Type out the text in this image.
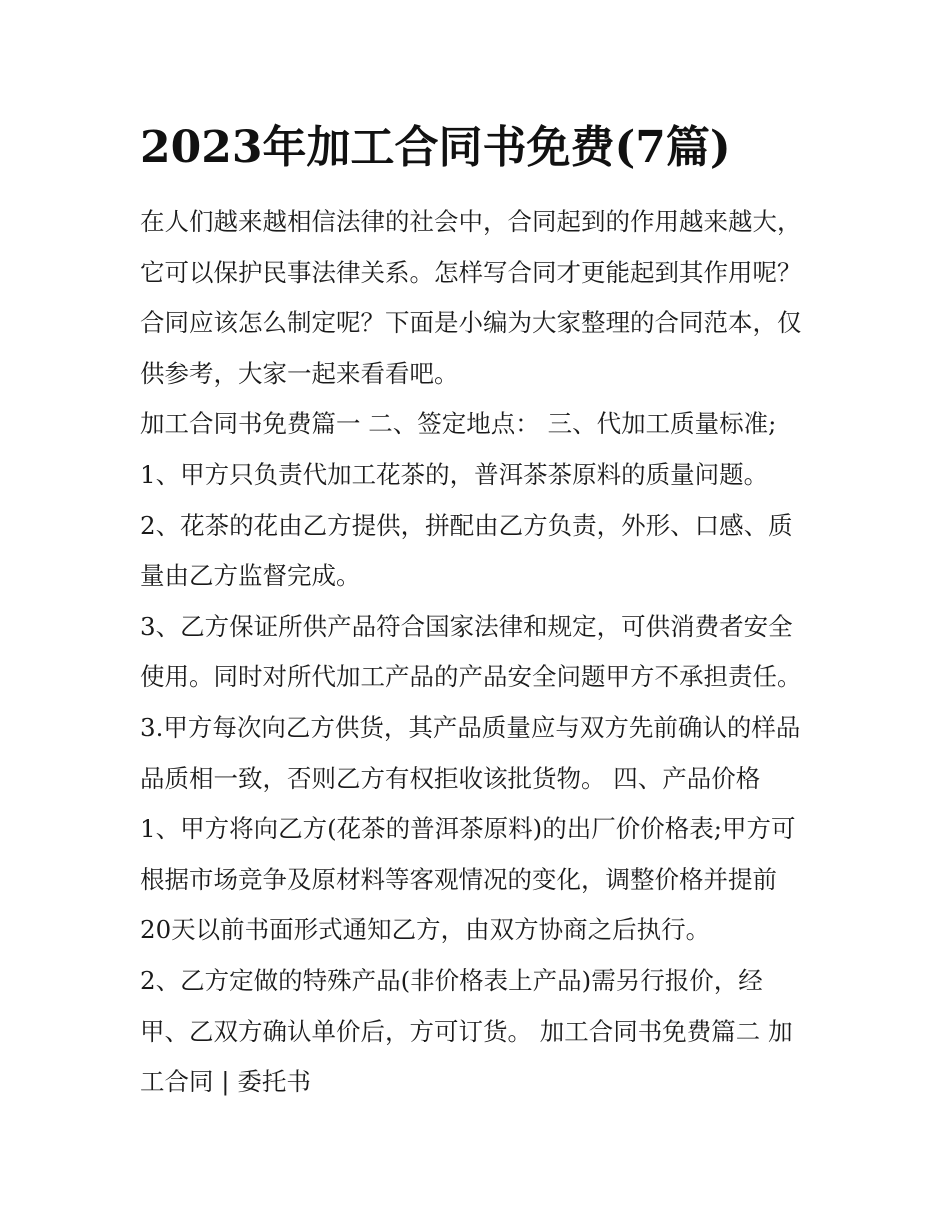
2023年加工合同书免费(7篇)
在人们越来越相信法律的社会中，合同起到的作用越来越大，
它可以保护民事法律关系。怎样写合同才更能起到其作用呢？
合同应该怎么制定呢？下面是小编为大家整理的合同范本，仅
供参考，大家一起来看看吧。
加工合同书免费篇一 二、签定地点： 三、代加工质量标准;
1、甲方只负责代加工花茶的，普洱茶茶原料的质量问题。
2、花茶的花由乙方提供，拼配由乙方负责，外形、口感、质
量由乙方监督完成。
3、乙方保证所供产品符合国家法律和规定，可供消费者安全
使用。同时对所代加工产品的产品安全问题甲方不承担责任。
3.甲方每次向乙方供货，其产品质量应与双方先前确认的样品
品质相一致，否则乙方有权拒收该批货物。 四、产品价格
1、甲方将向乙方(花茶的普洱茶原料)的出厂价价格表;甲方可
根据市场竞争及原材料等客观情况的变化，调整价格并提前
20天以前书面形式通知乙方，由双方协商之后执行。
2、乙方定做的特殊产品(非价格表上产品)需另行报价，经
甲、乙双方确认单价后，方可订货。 加工合同书免费篇二 加
工合同 | 委托书
